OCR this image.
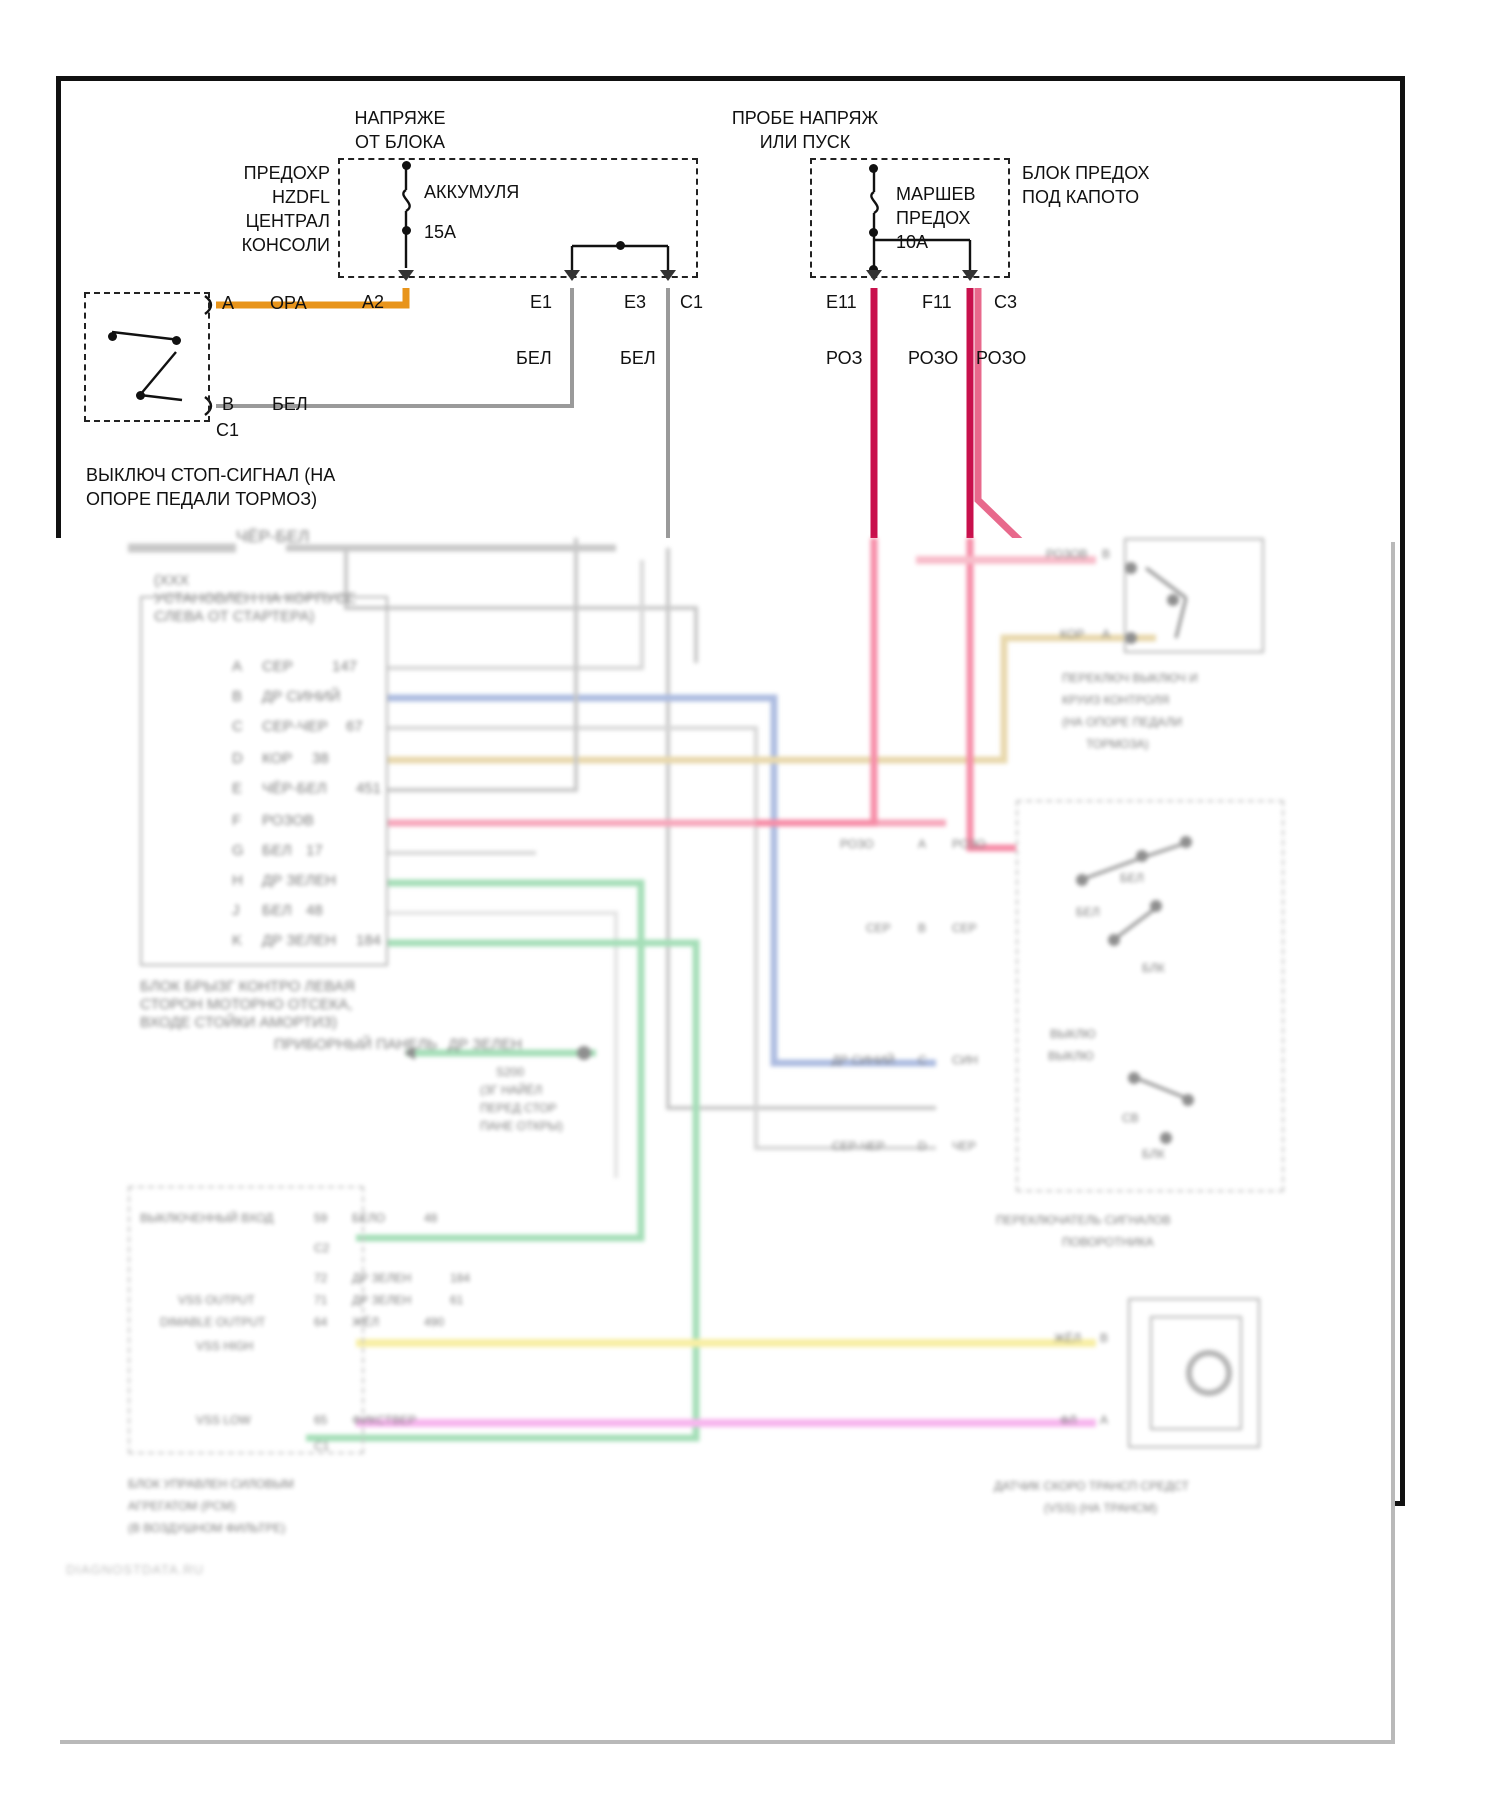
НАПРЯЖЕ
ОТ БЛОКА
ПРЕДОХР
HZDFL
ЦЕНТРАЛ
КОНСОЛИ
АККУМУЛЯ
15А
A2	E1	E3 C1
ПРОБЕ НАПРЯЖ
ИЛИ ПУСК
МАРШЕВ
ПРЕДОХ
10А
БЛОК ПРЕДОХ
ПОД КАПОТО
E11	F11 C3
A
B
C1
ОРА
БЕЛ
БЕЛ	БЕЛ	РОЗ	РОЗО РОЗО
ВЫКЛЮЧ СТОП-СИГНАЛ (НА
ОПОРЕ ПЕДАЛИ ТОРМОЗ)
(ХХХ
УСТАНОВЛЕН НА КОРПУСЕ
СЛЕВА ОТ СТАРТЕРА)
ЧЁР-БЕЛ
A СЕР	147
B ДР СИНИЙ
C СЕР-ЧЕР 67
D КОР 38
E ЧЁР-БЕЛ 451
F РОЗОВ
G БЕЛ 17
H ДР ЗЕЛЕН
J БЕЛ 48
K ДР ЗЕЛЕН 184
БЛОК БРЫЗГ КОНТРО ЛЕВАЯ
СТОРОН МОТОРНО ОТСЕКА,
ВХОДЕ СТОЙКИ АМОРТИЗ)
ПРИБОРНЫЙ ПАНЕЛЬ ДР ЗЕЛЕН
S200
(ЗГ НАЙЁЛ
ПЕРЕД СТОР
ПАНЕ ОТКРЫ)
ВЫКЛЮЧЕННЫЙ ВХОД	59 БЕЛО	48
C2
72 ДР ЗЕЛЕН	184
VSS OUTPUT	71 ДР ЗЕЛЕН	61
DIMABLE OUTPUT	64 ЖЁЛ	490
VSS HIGH
VSS LOW	65 ФИКСТВЕР
C1
БЛОК УПРАВЛЕН СИЛОВЫМ
АГРЕГАТОМ (PCM)
(В ВОЗДУШНОМ ФИЛЬТРЕ)
РОЗОВ B
КОР A
ПЕРЕКЛЮЧ ВЫКЛЮЧ И
КРУИЗ КОНТРОЛЯ
(НА ОПОРЕ ПЕДАЛИ
ТОРМОЗА)
РОЗО	A РОЗО
СЕР B СЕР
ДР СИНИЙ C СИН
СЕР-ЧЕР	D ЧЕР
БЕЛ
БЕЛ
БЛК
ВЫКЛЮ
ВЫКЛЮ
СВ
БЛК
ПЕРЕКЛЮЧАТЕЛЬ СИГНАЛОВ
ПОВОРОТНИКА
ЖЁЛ B
ФЛ A
ДАТЧИК СКОРО ТРАНСП СРЕДСТ
(VSS) (НА ТРАНСМ)
DIAGNOSTDATA.RU
